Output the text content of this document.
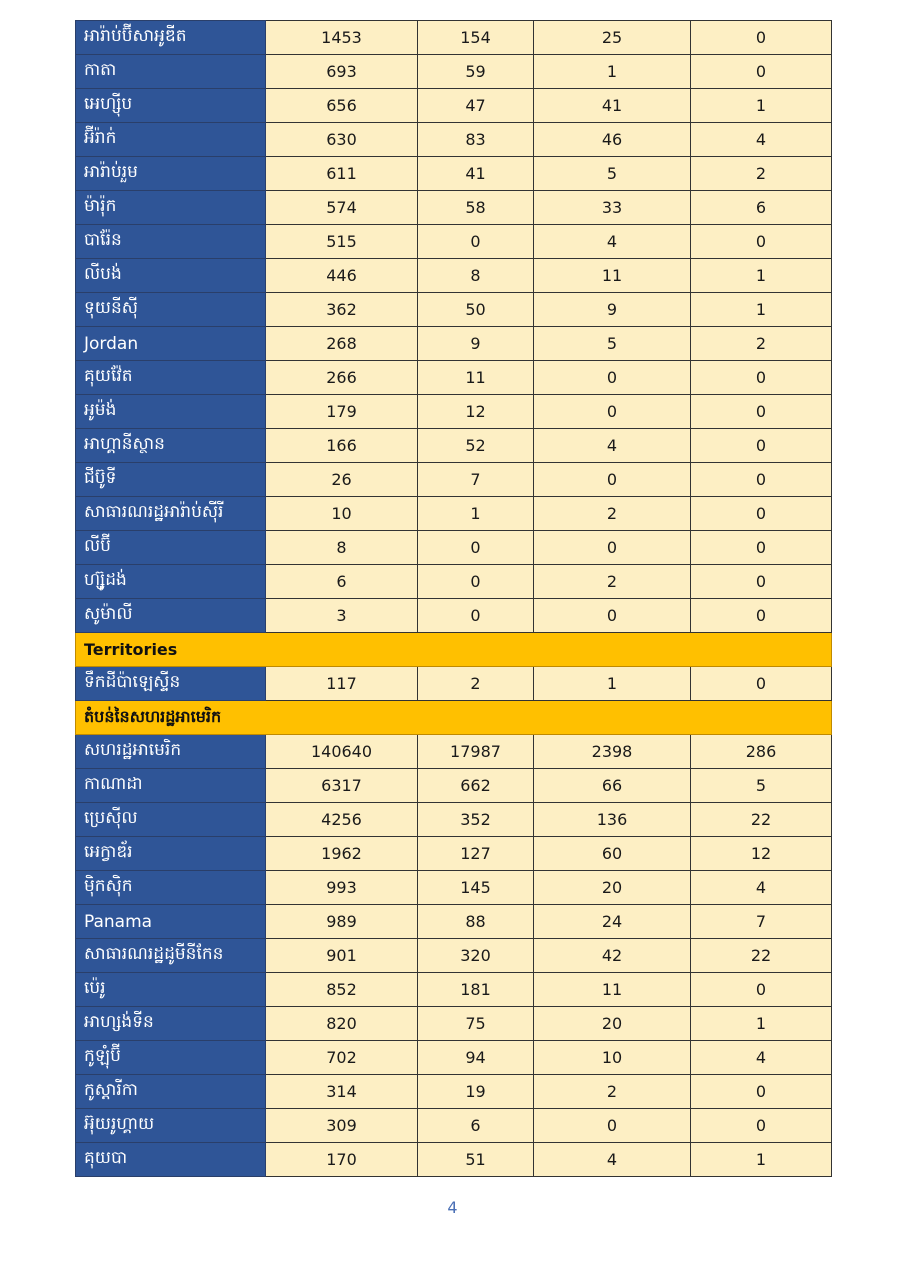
អារ៉ាប់ប៊ីសាអូឌីត	1453	154	25	0
កាតា	693	59	1	0
អេហ្ស៊ីប	656	47	41	1
អ៊ីរ៉ាក់	630	83	46	4
អារ៉ាប់រួម	611	41	5	2
ម៉ារ៉ុក	574	58	33	6
បារ៉ែន	515	0	4	0
លីបង់	446	8	11	1
ទុយនីស៊ី	362	50	9	1
Jordan	268	9	5	2
គុយវ៉ែត	266	11	0	0
អូម៉ង់	179	12	0	0
អាហ្គានីស្ថាន	166	52	4	0
ជីប៊ូទី	26	7	0	0
សាធារណរដ្ឋអារ៉ាប់ស៊ីរី	10	1	2	0
លីប៊ី	8	0	0	0
ហ្ស៊ូដង់	6	0	2	0
សូម៉ាលី	3	0	0	0
Territories				
ទឹកដីប៉ាឡេស្ទីន	117	2	1	0
តំបន់នៃសហរដ្ឋអាមេរិក				
សហរដ្ឋអាមេរិក	140640	17987	2398	286
កាណាដា	6317	662	66	5
ប្រេស៊ីល	4256	352	136	22
អេក្វាឌ័រ	1962	127	60	12
ម៉ិកស៊ិក	993	145	20	4
Panama	989	88	24	7
សាធារណរដ្ឋដូមីនីកែន	901	320	42	22
ប៉េរូ	852	181	11	0
អាហ្សង់ទីន	820	75	20	1
កូឡុំប៊ី	702	94	10	4
កូស្តារីកា	314	19	2	0
អ៊ុយរូហ្គាយ	309	6	0	0
គុយបា	170	51	4	1
4
